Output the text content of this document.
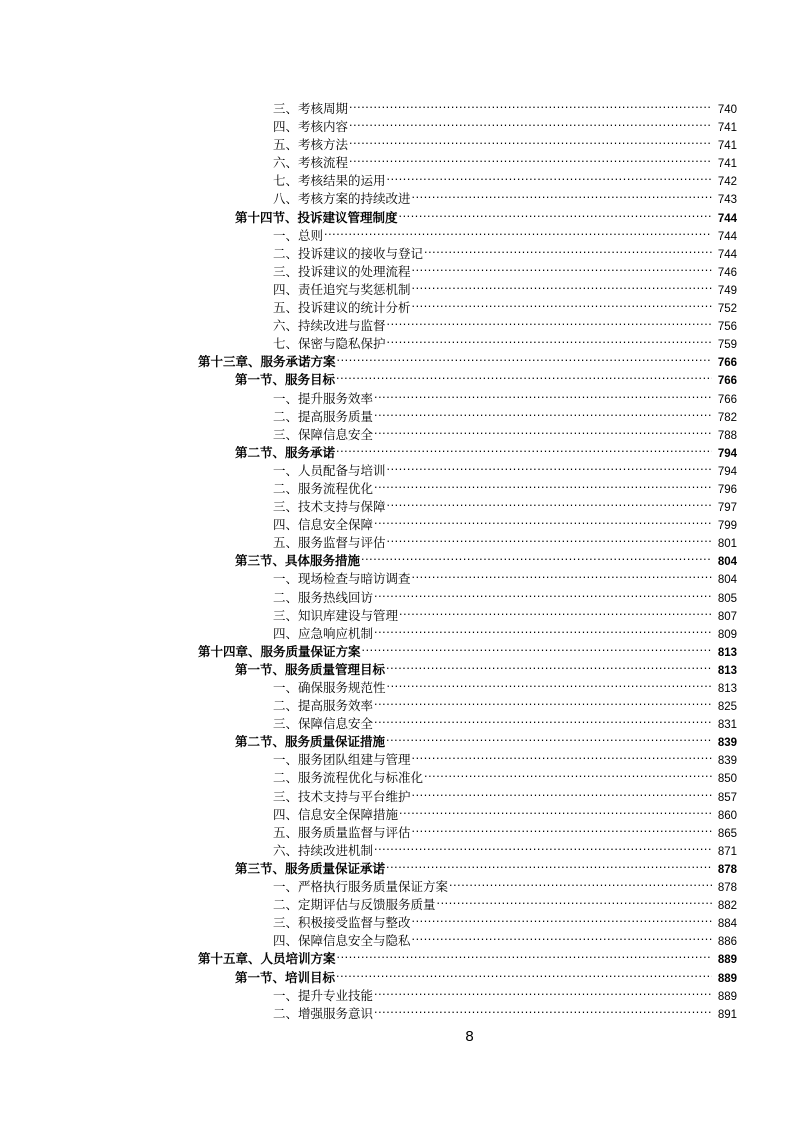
三、考核周期 .....	740
四、考核内容 .....	741
五、考核方法 .....	741
六、考核流程 .....	741
七、考核结果的运用 .....	742
八、考核方案的持续改进 .....	743
第十四节、投诉建议管理制度 .....	744
一、总则 .....	744
二、投诉建议的接收与登记 .....	744
三、投诉建议的处理流程 .....	746
四、责任追究与奖惩机制 .....	749
五、投诉建议的统计分析 .....	752
六、持续改进与监督 .....	756
七、保密与隐私保护 .....	759
第十三章、服务承诺方案 .....	766
第一节、服务目标 .....	766
一、提升服务效率 .....	766
二、提高服务质量 .....	782
三、保障信息安全 .....	788
第二节、服务承诺 .....	794
一、人员配备与培训 .....	794
二、服务流程优化 .....	796
三、技术支持与保障 .....	797
四、信息安全保障 .....	799
五、服务监督与评估 .....	801
第三节、具体服务措施 .....	804
一、现场检查与暗访调查 .....	804
二、服务热线回访 .....	805
三、知识库建设与管理 .....	807
四、应急响应机制 .....	809
第十四章、服务质量保证方案 .....	813
第一节、服务质量管理目标 .....	813
一、确保服务规范性 .....	813
二、提高服务效率 .....	825
三、保障信息安全 .....	831
第二节、服务质量保证措施 .....	839
一、服务团队组建与管理 .....	839
二、服务流程优化与标准化 .....	850
三、技术支持与平台维护 .....	857
四、信息安全保障措施 .....	860
五、服务质量监督与评估 .....	865
六、持续改进机制 .....	871
第三节、服务质量保证承诺 .....	878
一、严格执行服务质量保证方案 .....	878
二、定期评估与反馈服务质量 .....	882
三、积极接受监督与整改 .....	884
四、保障信息安全与隐私 .....	886
第十五章、人员培训方案 .....	889
第一节、培训目标 .....	889
一、提升专业技能 .....	889
二、增强服务意识 .....	891
8
